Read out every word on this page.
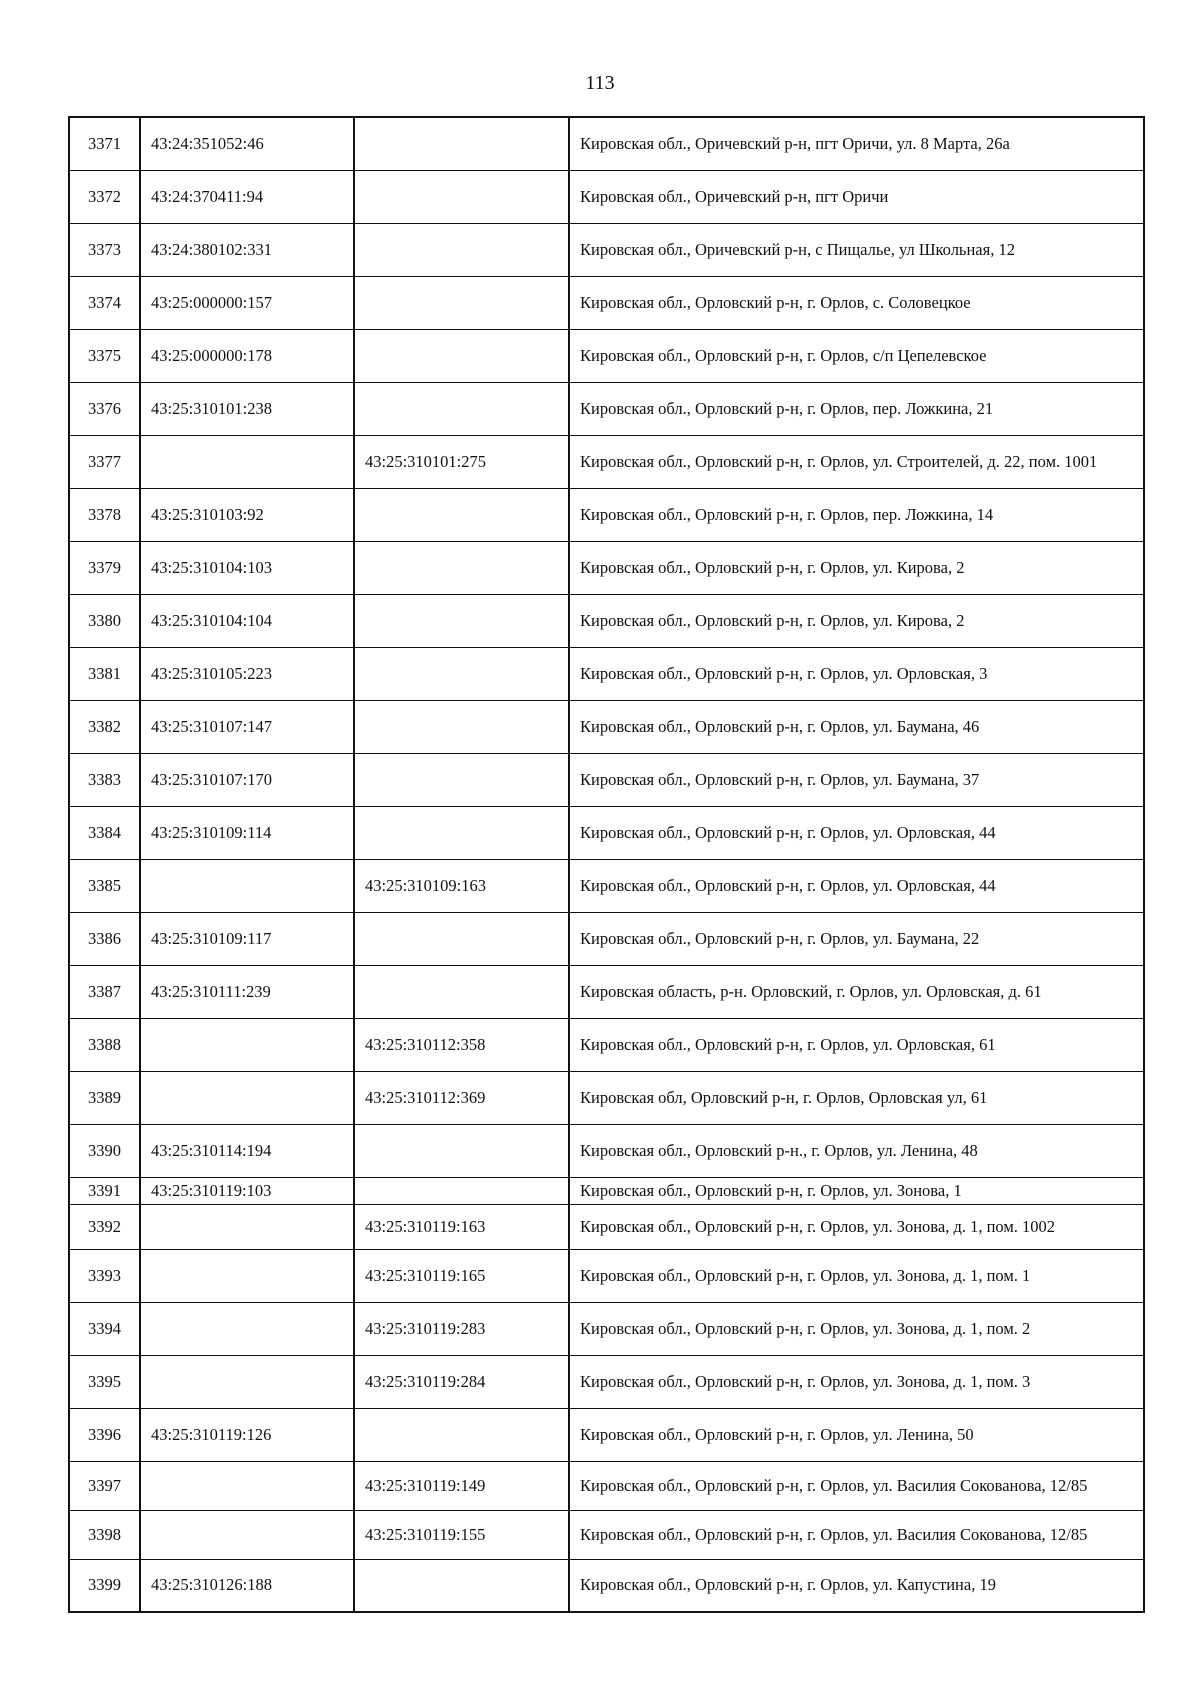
113
3371	43:24:351052:46		Кировская обл., Оричевский р-н, пгт Оричи, ул. 8 Марта, 26а
3372	43:24:370411:94		Кировская обл., Оричевский р-н, пгт Оричи
3373	43:24:380102:331		Кировская обл., Оричевский р-н, с Пищалье, ул Школьная, 12
3374	43:25:000000:157		Кировская обл., Орловский р-н, г. Орлов, с. Соловецкое
3375	43:25:000000:178		Кировская обл., Орловский р-н, г. Орлов, с/п Цепелевское
3376	43:25:310101:238		Кировская обл., Орловский р-н, г. Орлов, пер. Ложкина, 21
3377		43:25:310101:275	Кировская обл., Орловский р-н, г. Орлов, ул. Строителей, д. 22, пом. 1001
3378	43:25:310103:92		Кировская обл., Орловский р-н, г. Орлов, пер. Ложкина, 14
3379	43:25:310104:103		Кировская обл., Орловский р-н, г. Орлов, ул. Кирова, 2
3380	43:25:310104:104		Кировская обл., Орловский р-н, г. Орлов, ул. Кирова, 2
3381	43:25:310105:223		Кировская обл., Орловский р-н, г. Орлов, ул. Орловская, 3
3382	43:25:310107:147		Кировская обл., Орловский р-н, г. Орлов, ул. Баумана, 46
3383	43:25:310107:170		Кировская обл., Орловский р-н, г. Орлов, ул. Баумана, 37
3384	43:25:310109:114		Кировская обл., Орловский р-н, г. Орлов, ул. Орловская, 44
3385		43:25:310109:163	Кировская обл., Орловский р-н, г. Орлов, ул. Орловская, 44
3386	43:25:310109:117		Кировская обл., Орловский р-н, г. Орлов, ул. Баумана, 22
3387	43:25:310111:239		Кировская область, р-н. Орловский, г. Орлов, ул. Орловская, д. 61
3388		43:25:310112:358	Кировская обл., Орловский р-н, г. Орлов, ул. Орловская, 61
3389		43:25:310112:369	Кировская обл, Орловский р-н, г. Орлов, Орловская ул, 61
3390	43:25:310114:194		Кировская обл., Орловский р-н., г. Орлов, ул. Ленина, 48
3391	43:25:310119:103		Кировская обл., Орловский р-н, г. Орлов, ул. Зонова, 1
3392		43:25:310119:163	Кировская обл., Орловский р-н, г. Орлов, ул. Зонова, д. 1, пом. 1002
3393		43:25:310119:165	Кировская обл., Орловский р-н, г. Орлов, ул. Зонова, д. 1, пом. 1
3394		43:25:310119:283	Кировская обл., Орловский р-н, г. Орлов, ул. Зонова, д. 1, пом. 2
3395		43:25:310119:284	Кировская обл., Орловский р-н, г. Орлов, ул. Зонова, д. 1, пом. 3
3396	43:25:310119:126		Кировская обл., Орловский р-н, г. Орлов, ул. Ленина, 50
3397		43:25:310119:149	Кировская обл., Орловский р-н, г. Орлов, ул. Василия Сокованова, 12/85
3398		43:25:310119:155	Кировская обл., Орловский р-н, г. Орлов, ул. Василия Сокованова, 12/85
3399	43:25:310126:188		Кировская обл., Орловский р-н, г. Орлов, ул. Капустина, 19
